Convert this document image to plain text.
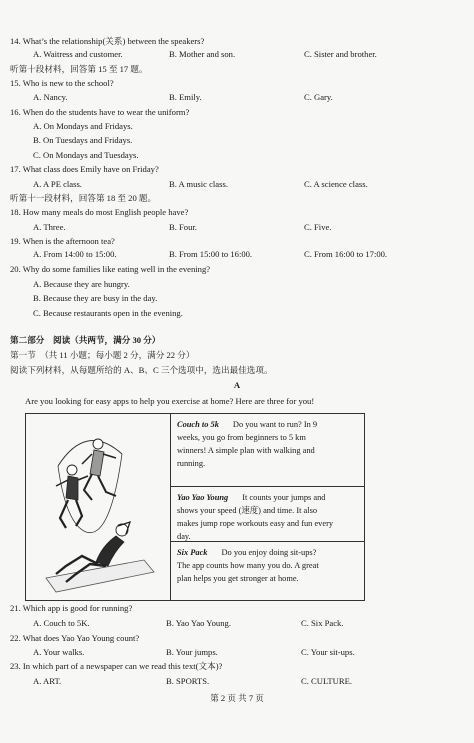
14. What’s the relationship(关系) between the speakers?
A. Waitress and customer.	B. Mother and son.	C. Sister and brother.
听第十段材料，回答第 15 至 17 题。
15. Who is new to the school?
A. Nancy.	B. Emily.	C. Gary.
16. When do the students have to wear the uniform?
A. On Mondays and Fridays.
B. On Tuesdays and Fridays.
C. On Mondays and Tuesdays.
17. What class does Emily have on Friday?
A. A PE class.	B. A music class.	C. A science class.
听第十一段材料，回答第 18 至 20 题。
18. How many meals do most English people have?
A. Three.	B. Four.	C. Five.
19. When is the afternoon tea?
A. From 14:00 to 15:00.	B. From 15:00 to 16:00.	C. From 16:00 to 17:00.
20. Why do some families like eating well in the evening?
A. Because they are hungry.
B. Because they are busy in the day.
C. Because restaurants open in the evening.
第二部分　阅读（共两节，满分 30 分）
第一节　（共 11 小题；每小题 2 分，满分 22 分）
阅读下列材料，从每题所给的 A、B、C 三个选项中，选出最佳选项。
A
Are you looking for easy apps to help you exercise at home? Here are three for you!
Couch to 5k Do you want to run? In 9
weeks, you go from beginners to 5 km
winners! A simple plan with walking and
running.
Yao Yao Young It counts your jumps and
shows your speed (速度) and time. It also
makes jump rope workouts easy and fun every
day.
Six Pack Do you enjoy doing sit-ups?
The app counts how many you do. A great
plan helps you get stronger at home.
21. Which app is good for running?
A. Couch to 5K.	B. Yao Yao Young.	C. Six Pack.
22. What does Yao Yao Young count?
A. Your walks.	B. Your jumps.	C. Your sit-ups.
23. In which part of a newspaper can we read this text(文本)?
A. ART.	B. SPORTS.	C. CULTURE.
第 2 页 共 7 页
